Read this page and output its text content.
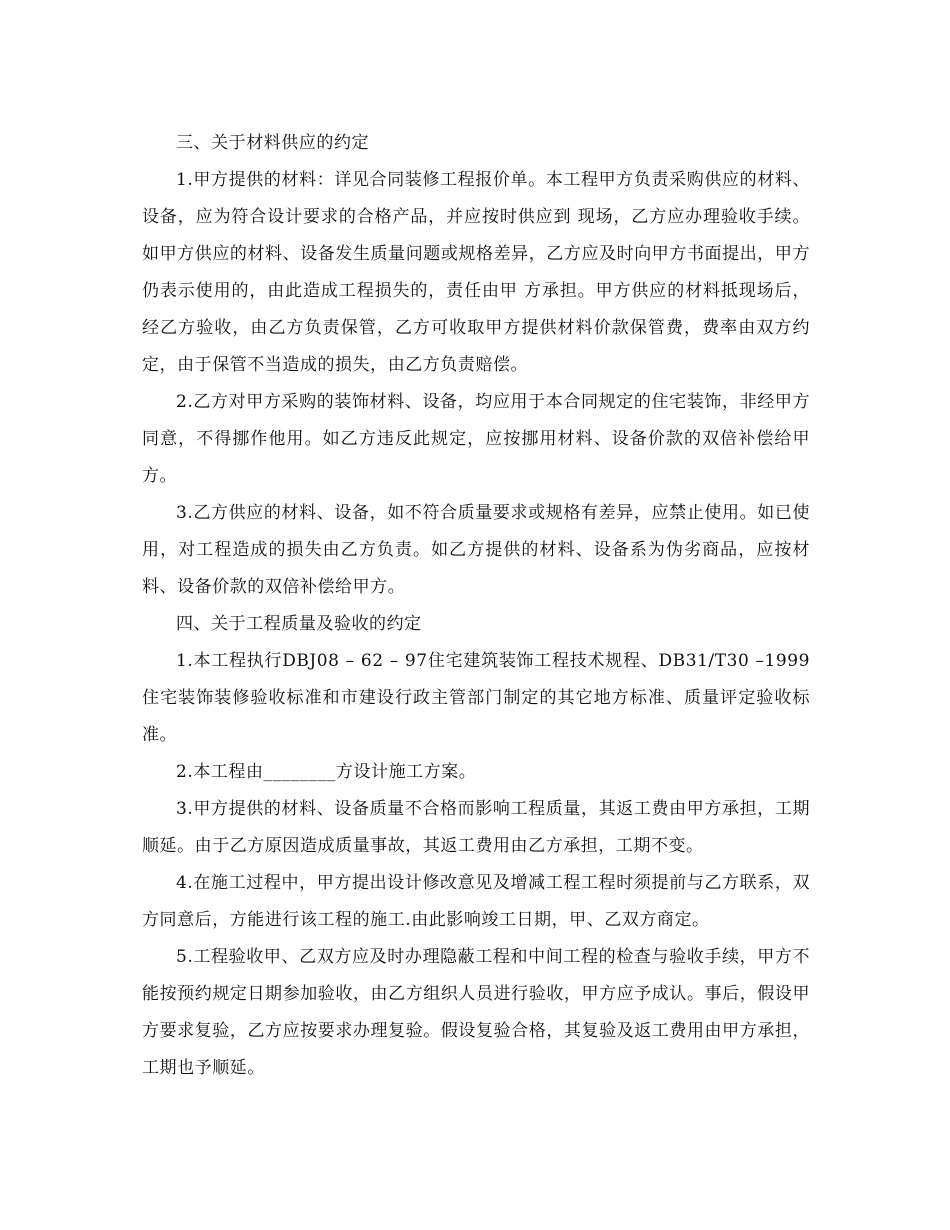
三、关于材料供应的约定

1.甲方提供的材料：详见合同装修工程报价单。本工程甲方负责采购供应的材料、设备，应为符合设计要求的合格产品，并应按时供应到 现场，乙方应办理验收手续。如甲方供应的材料、设备发生质量问题或规格差异，乙方应及时向甲方书面提出，甲方仍表示使用的，由此造成工程损失的，责任由甲 方承担。甲方供应的材料抵现场后，经乙方验收，由乙方负责保管，乙方可收取甲方提供材料价款保管费，费率由双方约定，由于保管不当造成的损失，由乙方负责赔偿。

2.乙方对甲方采购的装饰材料、设备，均应用于本合同规定的住宅装饰，非经甲方同意，不得挪作他用。如乙方违反此规定，应按挪用材料、设备价款的双倍补偿给甲方。

3.乙方供应的材料、设备，如不符合质量要求或规格有差异，应禁止使用。如已使用，对工程造成的损失由乙方负责。如乙方提供的材料、设备系为伪劣商品，应按材料、设备价款的双倍补偿给甲方。

四、关于工程质量及验收的约定

1.本工程执行DBJ08 – 62 – 97住宅建筑装饰工程技术规程、DB31/T30 –1999住宅装饰装修验收标准和市建设行政主管部门制定的其它地方标准、质量评定验收标准。

2.本工程由________方设计施工方案。

3.甲方提供的材料、设备质量不合格而影响工程质量，其返工费由甲方承担，工期顺延。由于乙方原因造成质量事故，其返工费用由乙方承担，工期不变。

4.在施工过程中，甲方提出设计修改意见及增减工程工程时须提前与乙方联系，双方同意后，方能进行该工程的施工.由此影响竣工日期，甲、乙双方商定。

5.工程验收甲、乙双方应及时办理隐蔽工程和中间工程的检查与验收手续，甲方不能按预约规定日期参加验收，由乙方组织人员进行验收，甲方应予成认。事后，假设甲方要求复验，乙方应按要求办理复验。假设复验合格，其复验及返工费用由甲方承担，工期也予顺延。
